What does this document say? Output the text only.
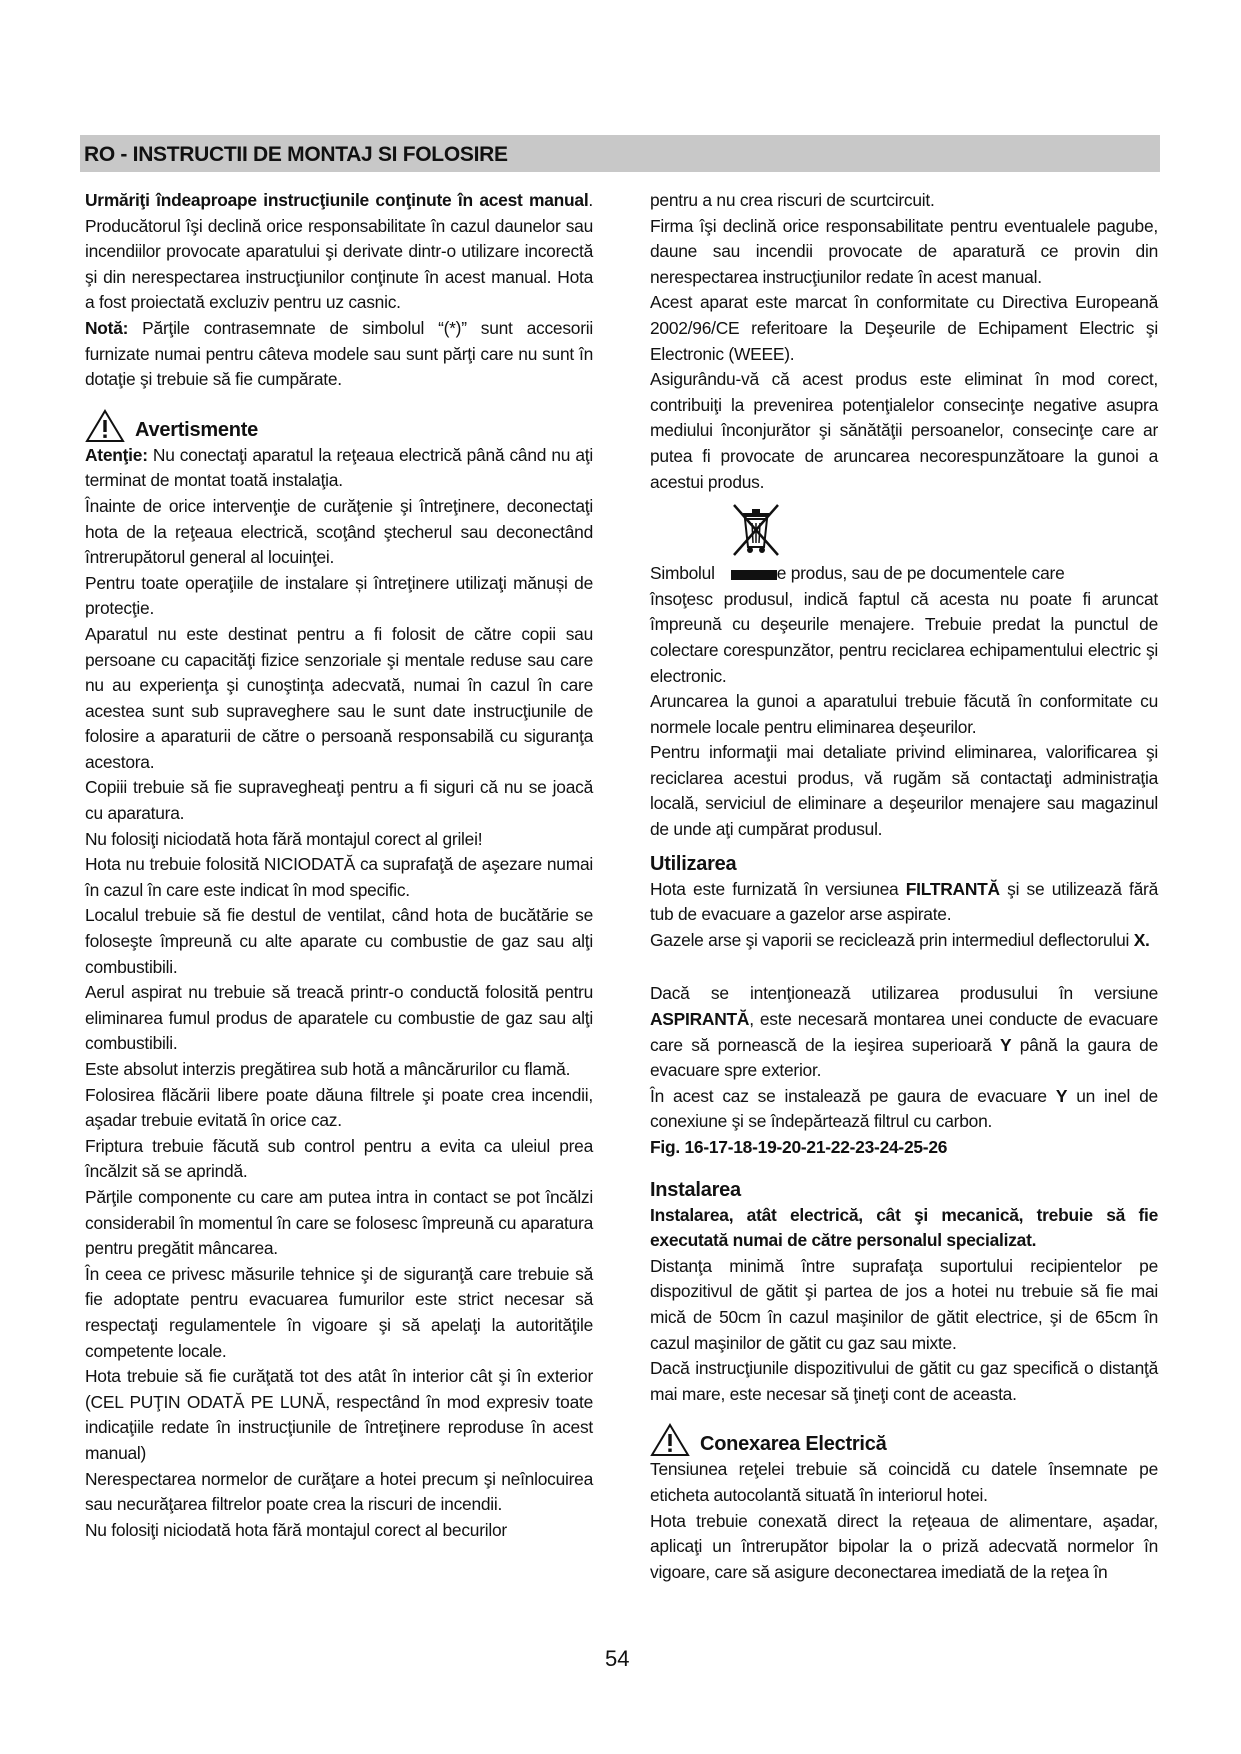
RO - INSTRUCTII DE MONTAJ SI FOLOSIRE

Urmăriţi îndeaproape instrucţiunile conţinute în acest manual. Producătorul îşi declină orice responsabilitate în cazul daunelor sau incendiilor provocate aparatului şi derivate dintr-o utilizare incorectă şi din nerespectarea instrucţiunilor conţinute în acest manual. Hota a fost proiectată excluziv pentru uz casnic.

Notă: Părţile contrasemnate de simbolul “(*)” sunt accesorii furnizate numai pentru câteva modele sau sunt părţi care nu sunt în dotaţie şi trebuie să fie cumpărate.

Avertismente

Atenţie: Nu conectaţi aparatul la reţeaua electrică până când nu aţi terminat de montat toată instalaţia.

Înainte de orice intervenţie de curăţenie şi întreţinere, deconectaţi hota de la reţeaua electrică, scoţând ştecherul sau deconectând întrerupătorul general al locuinţei.

Pentru toate operaţiile de instalare și întreţinere utilizaţi mănuși de protecţie.

Aparatul nu este destinat pentru a fi folosit de către copii sau persoane cu capacităţi fizice senzoriale şi mentale reduse sau care nu au experienţa şi cunoştinţa adecvată, numai în cazul în care acestea sunt sub supraveghere sau le sunt date instrucţiunile de folosire a aparaturii de către o persoană responsabilă cu siguranţa acestora.

Copiii trebuie să fie supravegheaţi pentru a fi siguri că nu se joacă cu aparatura.

Nu folosiţi niciodată hota fără montajul corect al grilei!

Hota nu trebuie folosită NICIODATĂ ca suprafaţă de aşezare numai în cazul în care este indicat în mod specific.

Localul trebuie să fie destul de ventilat, când hota de bucătărie se foloseşte împreună cu alte aparate cu combustie de gaz sau alţi combustibili.

Aerul aspirat nu trebuie să treacă printr-o conductă folosită pentru eliminarea fumul produs de aparatele cu combustie de gaz sau alţi combustibili.

Este absolut interzis pregătirea sub hotă a mâncărurilor cu flamă.

Folosirea flăcării libere poate dăuna filtrele şi poate crea incendii, aşadar trebuie evitată în orice caz.

Friptura trebuie făcută sub control pentru a evita ca uleiul prea încălzit să se aprindă.

Părţile componente cu care am putea intra in contact se pot încălzi considerabil în momentul în care se folosesc împreună cu aparatura pentru pregătit mâncarea.

În ceea ce privesc măsurile tehnice şi de siguranţă care trebuie să fie adoptate pentru evacuarea fumurilor este strict necesar să respectaţi regulamentele în vigoare şi să apelaţi la autorităţile competente locale.

Hota trebuie să fie curăţată tot des atât în interior cât şi în exterior (CEL PUŢIN ODATĂ PE LUNĂ, respectând în mod expresiv toate indicaţiile redate în instrucţiunile de întreţinere reproduse în acest manual)

Nerespectarea normelor de curăţare a hotei precum şi neînlocuirea sau necurăţarea filtrelor poate crea la riscuri de incendii.

Nu folosiţi niciodată hota fără montajul corect al becurilor

pentru a nu crea riscuri de scurtcircuit.

Firma îşi declină orice responsabilitate pentru eventualele pagube, daune sau incendii provocate de aparatură ce provin din nerespectarea instrucţiunilor redate în acest manual.

Acest aparat este marcat în conformitate cu Directiva Europeană 2002/96/CE referitoare la Deşeurile de Echipament Electric şi Electronic (WEEE).

Asigurându-vă că acest produs este eliminat în mod corect, contribuiţi la prevenirea potenţialelor consecinţe negative asupra mediului înconjurător şi sănătăţii persoanelor, consecinţe care ar putea fi provocate de aruncarea necorespunzătoare la gunoi a acestui produs.

Simbolul	e produs, sau de pe documentele care

însoţesc produsul, indică faptul că acesta nu poate fi aruncat împreună cu deşeurile menajere. Trebuie predat la punctul de colectare corespunzător, pentru reciclarea echipamentului electric şi electronic.

Aruncarea la gunoi a aparatului trebuie făcută în conformitate cu normele locale pentru eliminarea deşeurilor.

Pentru informaţii mai detaliate privind eliminarea, valorificarea şi reciclarea acestui produs, vă rugăm să contactaţi administraţia locală, serviciul de eliminare a deşeurilor menajere sau magazinul de unde aţi cumpărat produsul.

Utilizarea

Hota este furnizată în versiunea FILTRANTĂ şi se utilizează fără tub de evacuare a gazelor arse aspirate.

Gazele arse şi vaporii se recicleazǎ prin intermediul deflectorului X.

Dacă se intenţionează utilizarea produsului în versiune ASPIRANTĂ, este necesară montarea unei conducte de evacuare care să pornească de la ieşirea superioară Y până la gaura de evacuare spre exterior.

În acest caz se instalează pe gaura de evacuare Y un inel de conexiune şi se îndepărtează filtrul cu carbon.

Fig. 16-17-18-19-20-21-22-23-24-25-26

Instalarea

Instalarea, atât electrică, cât şi mecanică, trebuie să fie executată numai de către personalul specializat.

Distanţa minimă între suprafaţa suportului recipientelor pe dispozitivul de gătit şi partea de jos a hotei nu trebuie să fie mai mică de 50cm în cazul maşinilor de gătit electrice, şi de 65cm în cazul maşinilor de gătit cu gaz sau mixte.

Dacă instrucţiunile dispozitivului de gătit cu gaz specifică o distanţă mai mare, este necesar să ţineţi cont de aceasta.

Conexarea Electrică

Tensiunea reţelei trebuie să coincidă cu datele însemnate pe eticheta autocolantă situată în interiorul hotei.

Hota trebuie conexată direct la reţeaua de alimentare, aşadar, aplicaţi un întrerupător bipolar la o priză adecvată normelor în vigoare, care să asigure deconectarea imediată de la reţea în

54
